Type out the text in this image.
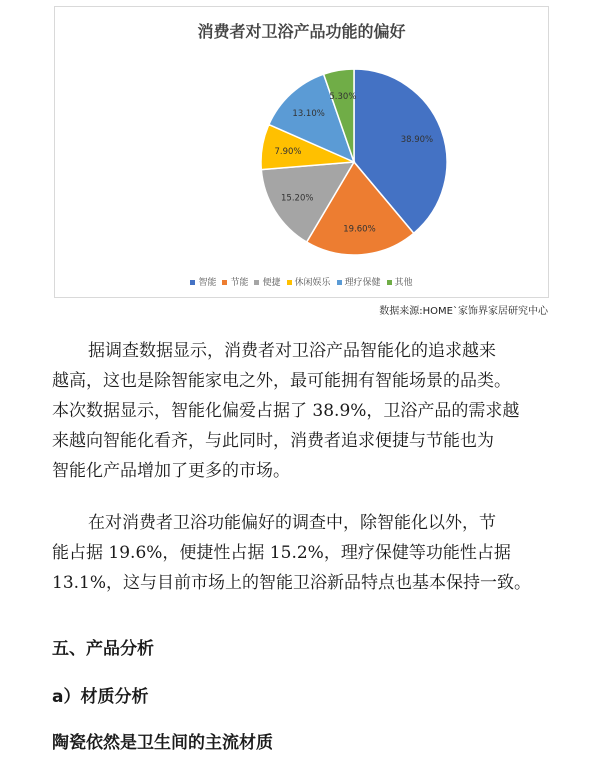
消费者对卫浴产品功能的偏好
38.90%
19.60%
15.20%
7.90%
13.10%
5.30%
智能 节能 便捷 休闲娱乐 理疗保健 其他
数据来源:HOME`家饰界家居研究中心

据调查数据显示，消费者对卫浴产品智能化的追求越来
越高，这也是除智能家电之外，最可能拥有智能场景的品类。
本次数据显示，智能化偏爱占据了 38.9%，卫浴产品的需求越
来越向智能化看齐，与此同时，消费者追求便捷与节能也为
智能化产品增加了更多的市场。

在对消费者卫浴功能偏好的调查中，除智能化以外，节
能占据 19.6%，便捷性占据 15.2%，理疗保健等功能性占据
13.1%，这与目前市场上的智能卫浴新品特点也基本保持一致。

五、产品分析
a）材质分析
陶瓷依然是卫生间的主流材质
